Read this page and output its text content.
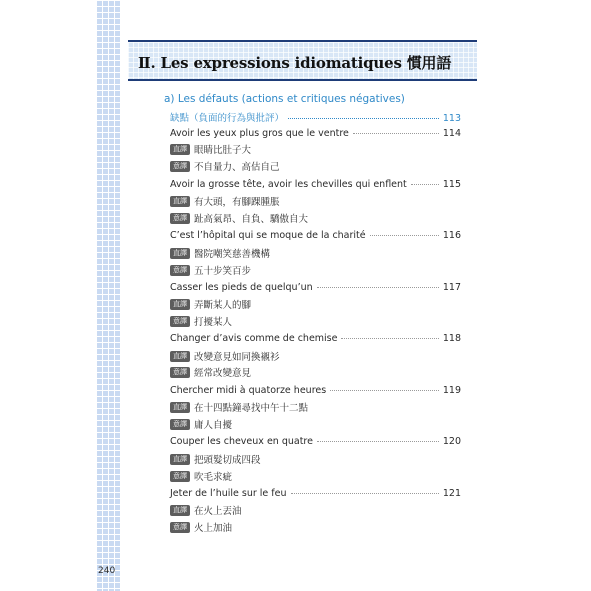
240
Ⅱ. Les expressions idiomatiques 慣用語
a) Les défauts (actions et critiques négatives)
缺點（負面的行為與批評）	113
Avoir les yeux plus gros que le ventre	114
直譯 眼睛比肚子大
意譯 不自量力、高估自己
Avoir la grosse tête, avoir les chevilles qui enflent	115
直譯 有大頭，有腳踝腫脹
意譯 趾高氣昂、自負、驕傲自大
C’est l’hôpital qui se moque de la charité	116
直譯 醫院嘲笑慈善機構
意譯 五十步笑百步
Casser les pieds de quelqu’un	117
直譯 弄斷某人的腳
意譯 打擾某人
Changer d’avis comme de chemise	118
直譯 改變意見如同換襯衫
意譯 經常改變意見
Chercher midi à quatorze heures	119
直譯 在十四點鐘尋找中午十二點
意譯 庸人自擾
Couper les cheveux en quatre	120
直譯 把頭髮切成四段
意譯 吹毛求疵
Jeter de l’huile sur le feu	121
直譯 在火上丟油
意譯 火上加油
